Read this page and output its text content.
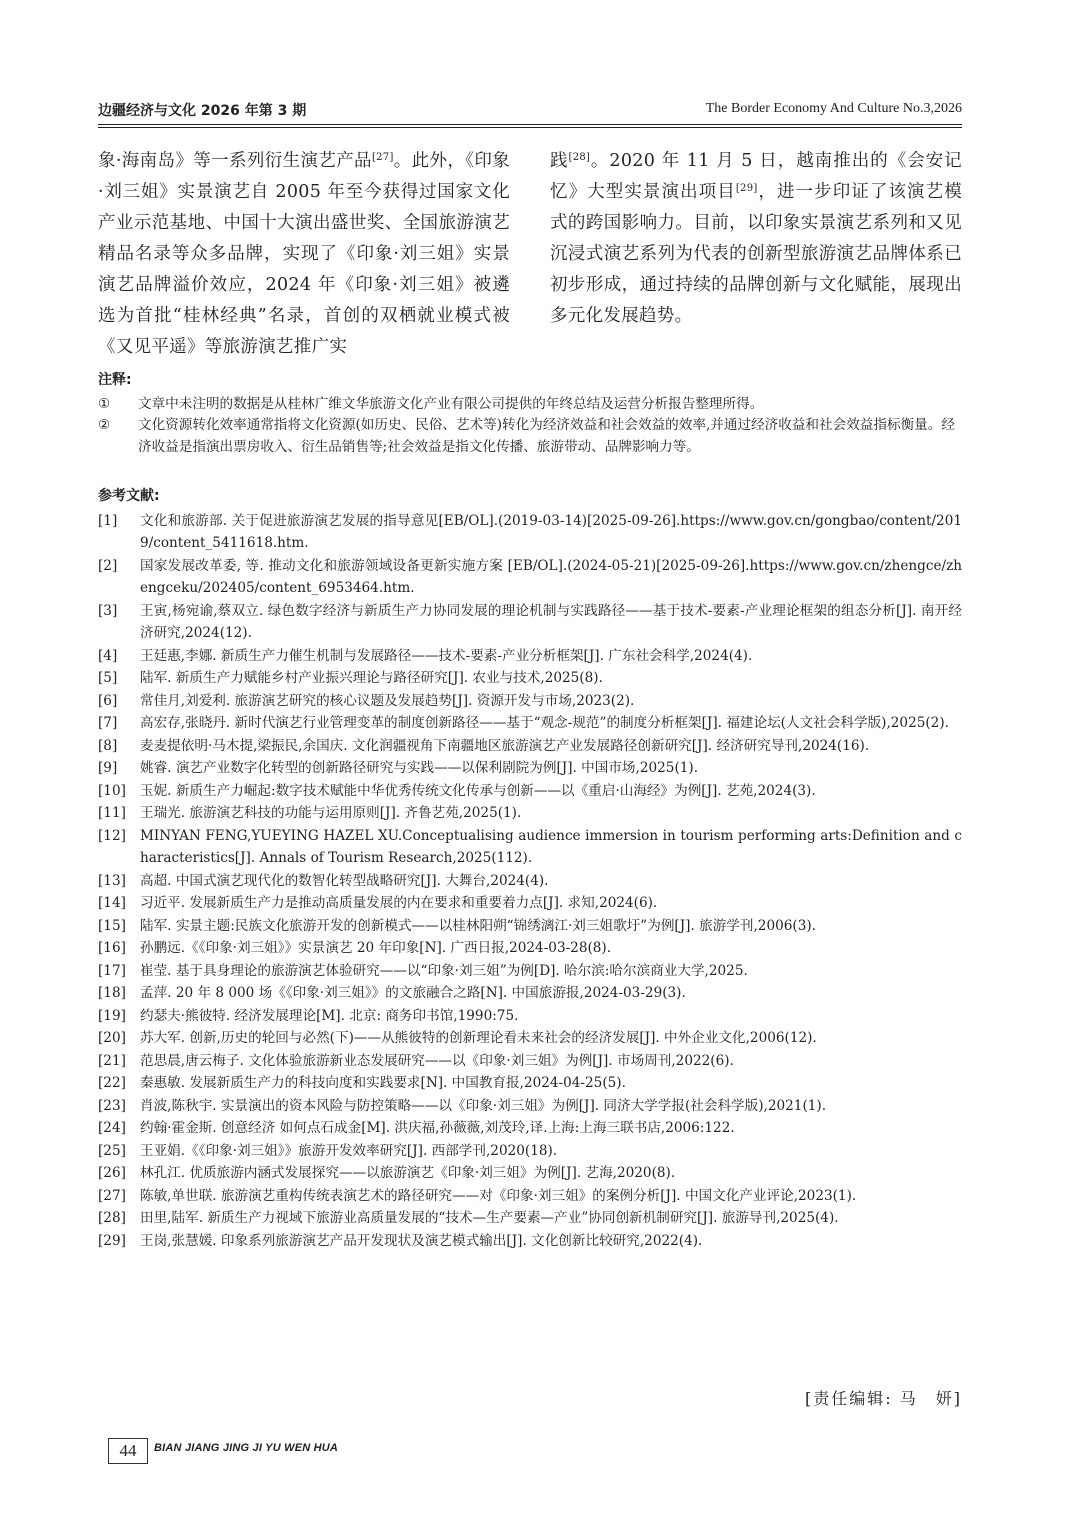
边疆经济与文化 2026 年第 3 期	The Border Economy And Culture No.3,2026
象·海南岛》等一系列衍生演艺产品[27]。此外，《印象·刘三姐》实景演艺自 2005 年至今获得过国家文化产业示范基地、中国十大演出盛世奖、全国旅游演艺精品名录等众多品牌，实现了《印象·刘三姐》实景演艺品牌溢价效应，2024 年《印象·刘三姐》被遴选为首批“桂林经典”名录，首创的双栖就业模式被《又见平遥》等旅游演艺推广实
践[28]。2020 年 11 月 5 日，越南推出的《会安记忆》大型实景演出项目[29]，进一步印证了该演艺模式的跨国影响力。目前，以印象实景演艺系列和又见沉浸式演艺系列为代表的创新型旅游演艺品牌体系已初步形成，通过持续的品牌创新与文化赋能，展现出多元化发展趋势。
注释:
① 文章中未注明的数据是从桂林广维文华旅游文化产业有限公司提供的年终总结及运营分析报告整理所得。
② 文化资源转化效率通常指将文化资源(如历史、民俗、艺术等)转化为经济效益和社会效益的效率,并通过经济收益和社会效益指标衡量。经济收益是指演出票房收入、衍生品销售等;社会效益是指文化传播、旅游带动、品牌影响力等。
参考文献:
[1] 文化和旅游部. 关于促进旅游演艺发展的指导意见[EB/OL].(2019-03-14)[2025-09-26].https://www.gov.cn/gongbao/content/2019/content_5411618.htm.
[2] 国家发展改革委, 等. 推动文化和旅游领域设备更新实施方案 [EB/OL].(2024-05-21)[2025-09-26].https://www.gov.cn/zhengce/zhengceku/202405/content_6953464.htm.
[3] 王寅,杨宛谕,蔡双立. 绿色数字经济与新质生产力协同发展的理论机制与实践路径——基于技术-要素-产业理论框架的组态分析[J]. 南开经济研究,2024(12).
[4] 王廷惠,李娜. 新质生产力催生机制与发展路径——技术-要素-产业分析框架[J]. 广东社会科学,2024(4).
[5] 陆军. 新质生产力赋能乡村产业振兴理论与路径研究[J]. 农业与技术,2025(8).
[6] 常佳月,刘爱利. 旅游演艺研究的核心议题及发展趋势[J]. 资源开发与市场,2023(2).
[7] 高宏存,张晓丹. 新时代演艺行业管理变革的制度创新路径——基于“观念-规范”的制度分析框架[J]. 福建论坛(人文社会科学版),2025(2).
[8] 麦麦提依明·马木提,梁振民,余国庆. 文化润疆视角下南疆地区旅游演艺产业发展路径创新研究[J]. 经济研究导刊,2024(16).
[9] 姚睿. 演艺产业数字化转型的创新路径研究与实践——以保利剧院为例[J]. 中国市场,2025(1).
[10] 玉妮. 新质生产力崛起:数字技术赋能中华优秀传统文化传承与创新——以《重启·山海经》为例[J]. 艺苑,2024(3).
[11] 王瑞光. 旅游演艺科技的功能与运用原则[J]. 齐鲁艺苑,2025(1).
[12] MINYAN FENG,YUEYING HAZEL XU.Conceptualising audience immersion in tourism performing arts:Definition and characteristics[J]. Annals of Tourism Research,2025(112).
[13] 高超. 中国式演艺现代化的数智化转型战略研究[J]. 大舞台,2024(4).
[14] 习近平. 发展新质生产力是推动高质量发展的内在要求和重要着力点[J]. 求知,2024(6).
[15] 陆军. 实景主题:民族文化旅游开发的创新模式——以桂林阳朔“锦绣漓江·刘三姐歌圩”为例[J]. 旅游学刊,2006(3).
[16] 孙鹏远.《《印象·刘三姐》》实景演艺 20 年印象[N]. 广西日报,2024-03-28(8).
[17] 崔莹. 基于具身理论的旅游演艺体验研究——以“印象·刘三姐”为例[D]. 哈尔滨:哈尔滨商业大学,2025.
[18] 孟萍. 20 年 8 000 场《《印象·刘三姐》》的文旅融合之路[N]. 中国旅游报,2024-03-29(3).
[19] 约瑟夫·熊彼特. 经济发展理论[M]. 北京: 商务印书馆,1990:75.
[20] 苏大军. 创新,历史的轮回与必然(下)——从熊彼特的创新理论看未来社会的经济发展[J]. 中外企业文化,2006(12).
[21] 范思晨,唐云梅子. 文化体验旅游新业态发展研究——以《印象·刘三姐》为例[J]. 市场周刊,2022(6).
[22] 秦惠敏. 发展新质生产力的科技向度和实践要求[N]. 中国教育报,2024-04-25(5).
[23] 肖波,陈秋宇. 实景演出的资本风险与防控策略——以《印象·刘三姐》为例[J]. 同济大学学报(社会科学版),2021(1).
[24] 约翰·霍金斯. 创意经济 如何点石成金[M]. 洪庆福,孙薇薇,刘茂玲,译.上海:上海三联书店,2006:122.
[25] 王亚娟.《《印象·刘三姐》》旅游开发效率研究[J]. 西部学刊,2020(18).
[26] 林孔江. 优质旅游内涵式发展探究——以旅游演艺《印象·刘三姐》为例[J]. 艺海,2020(8).
[27] 陈敏,单世联. 旅游演艺重构传统表演艺术的路径研究——对《印象·刘三姐》的案例分析[J]. 中国文化产业评论,2023(1).
[28] 田里,陆军. 新质生产力视域下旅游业高质量发展的“技术—生产要素—产业”协同创新机制研究[J]. 旅游导刊,2025(4).
[29] 王岗,张慧媛. 印象系列旅游演艺产品开发现状及演艺模式输出[J]. 文化创新比较研究,2022(4).
[责任编辑: 马　妍]
44	BIAN JIANG JING JI YU WEN HUA
